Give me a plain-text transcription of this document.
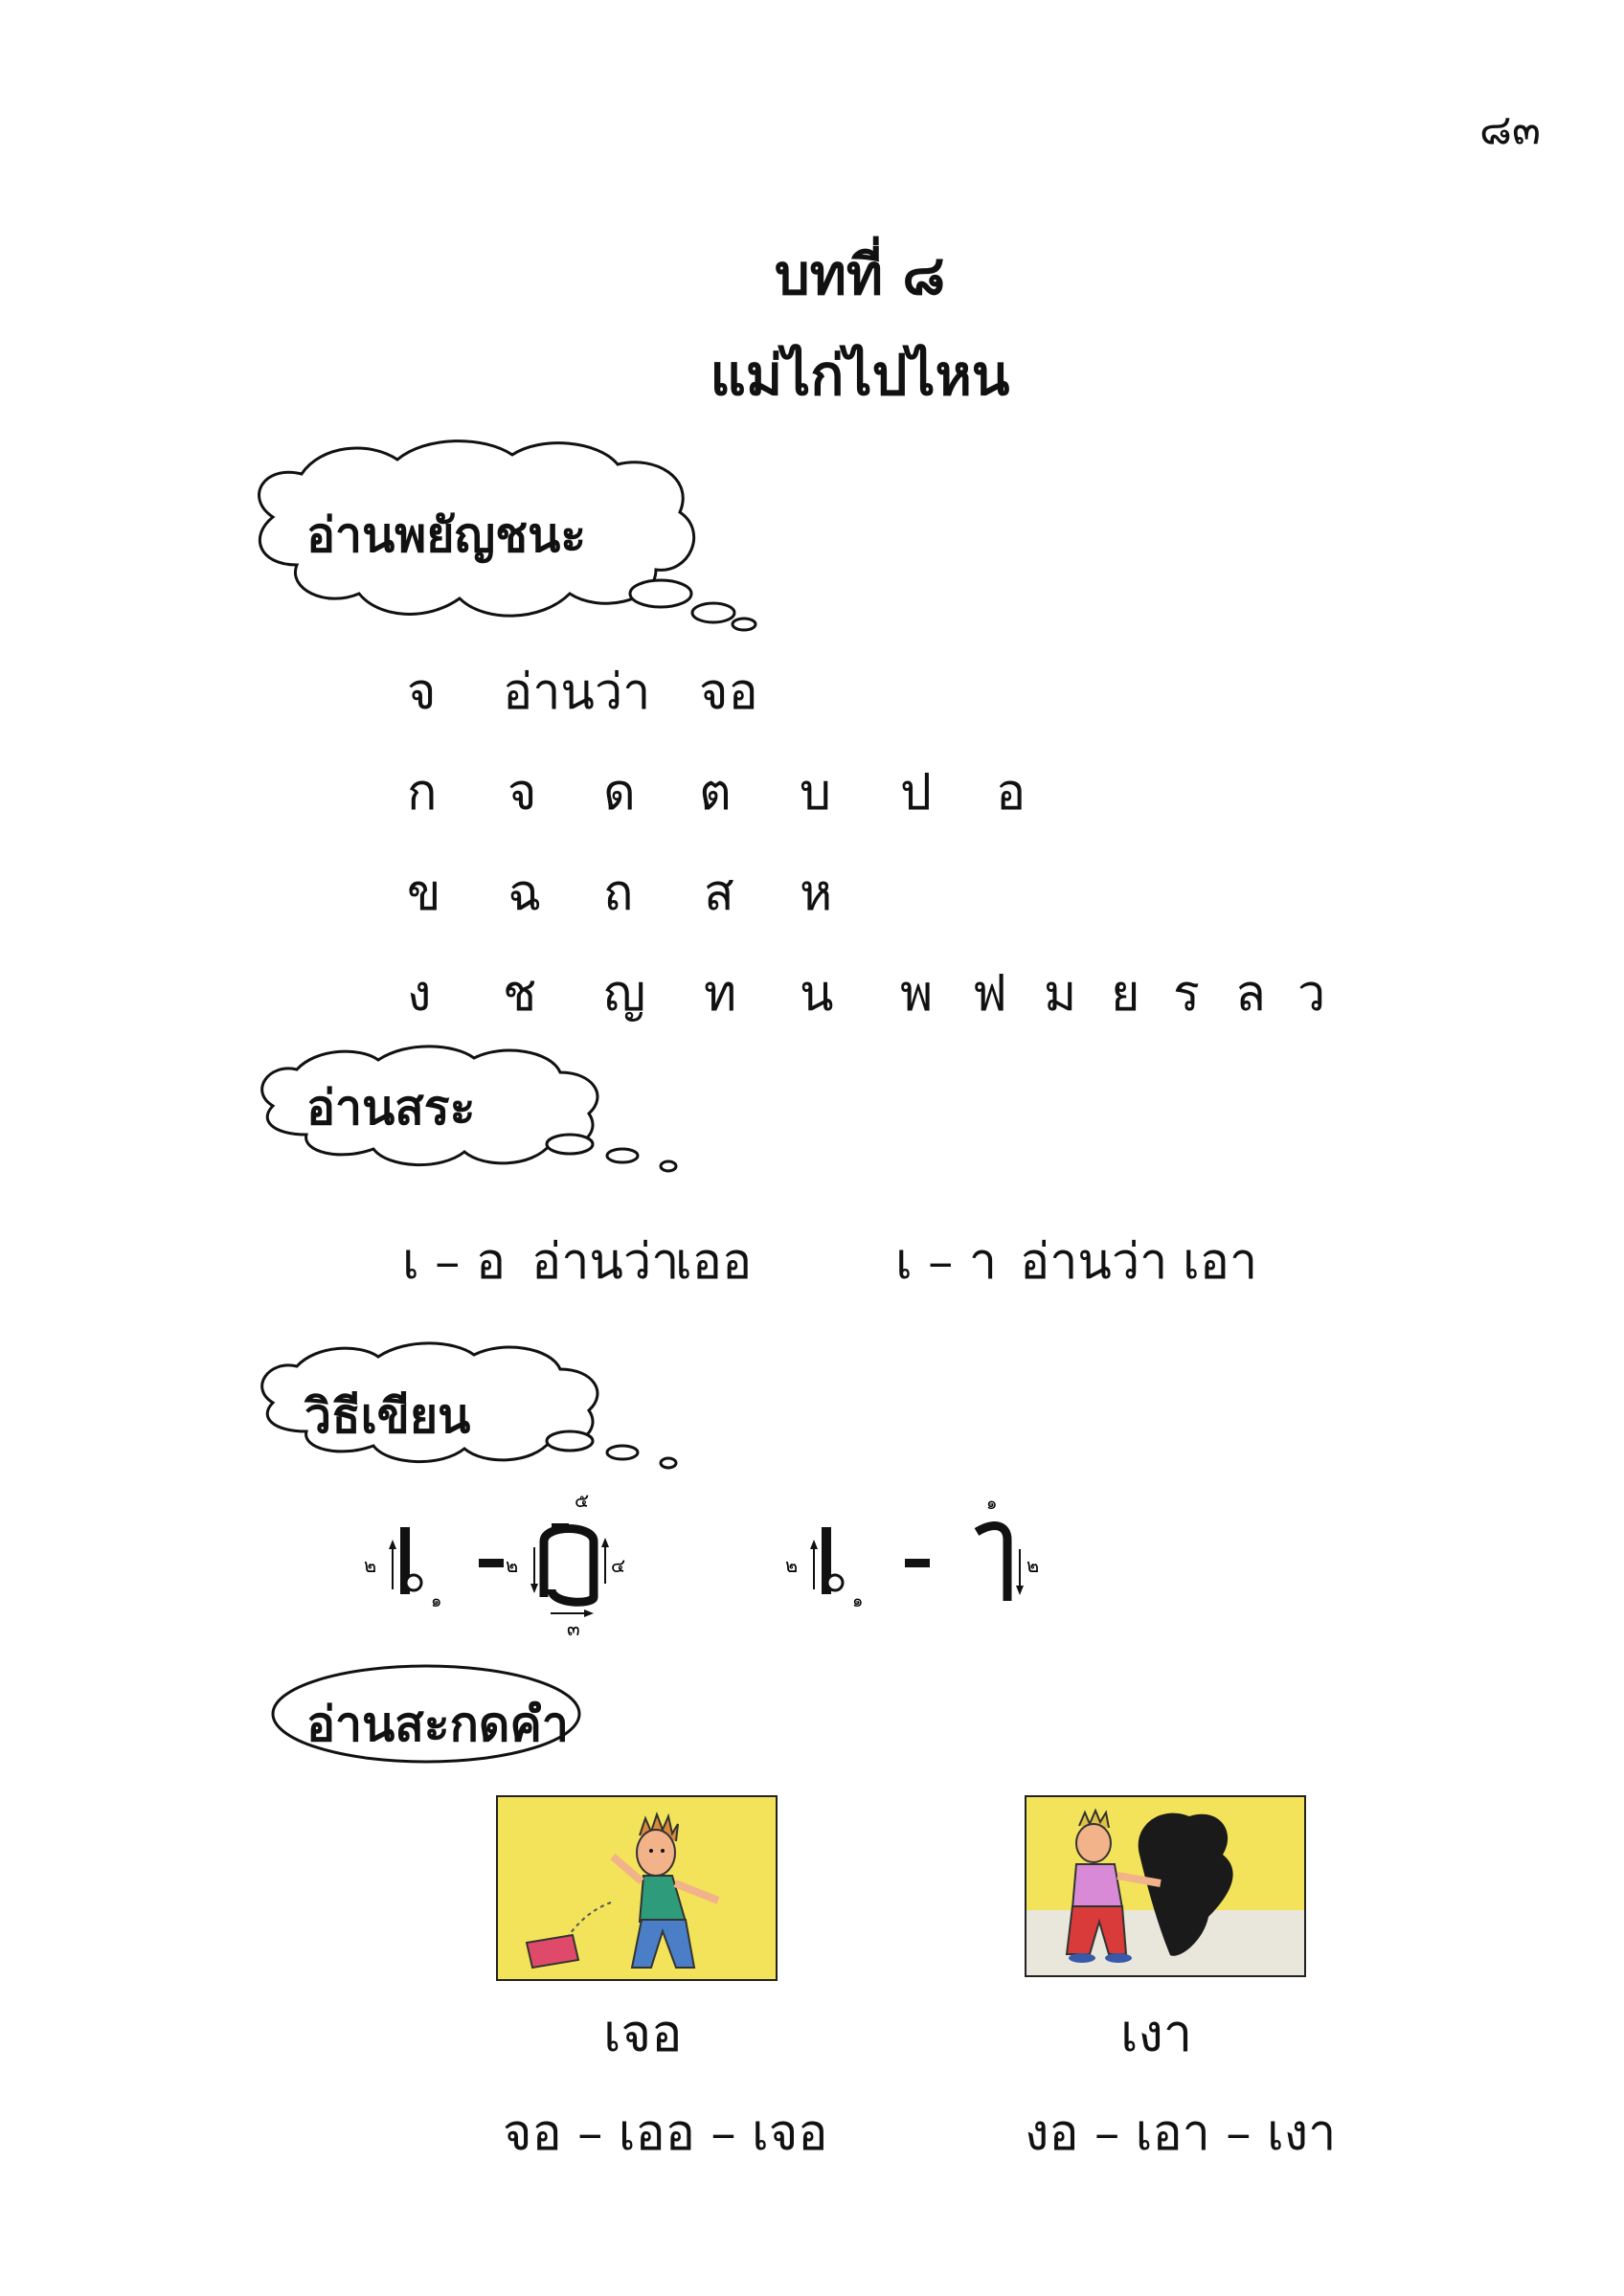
๘๓
บทที่ ๘
แม่ไก่ไปไหน
อ่านพยัญชนะ
จ อ่านว่า จอ
ก จ ด ต บ ป อ
ข ฉ ถ ส ห
ง ช ญ ท น พ ฟ ม ย ร ล ว
อ่านสระ
เ – อ อ่านว่า
เออ	เ – า อ่านว่า เอา
วิธีเขียน
๒
๑
๒	๔
๕
๓
๒
๑
๒
๑
อ่านสะกดคำ
เจอ
จอ – เออ – เจอ
เงา
งอ – เอา – เงา
